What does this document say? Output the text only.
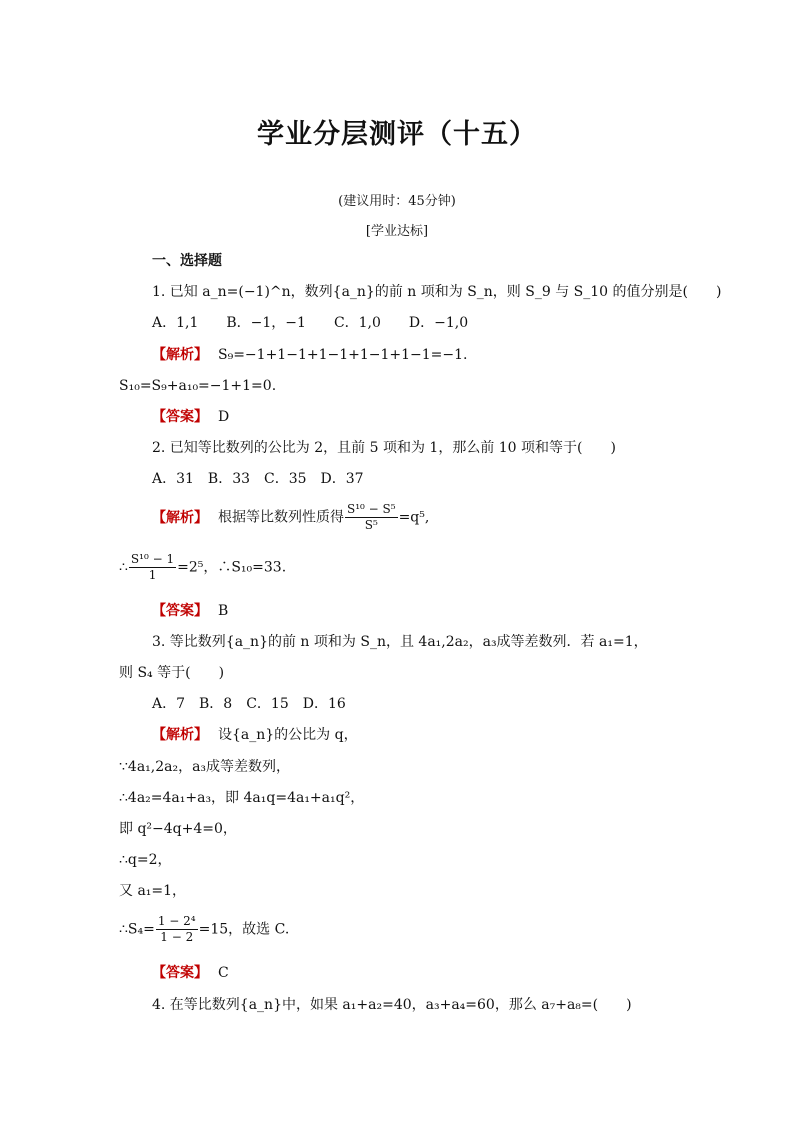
学业分层测评（十五）
(建议用时：45分钟)
[学业达标]
一、选择题
1. 已知 a_n=(−1)^n，数列{a_n}的前 n 项和为 S_n，则 S_9 与 S_10 的值分别是(　　)
A．1,1　　B．−1，−1　　C．1,0　　D．−1,0
【解析】 S₉=−1+1−1+1−1+1−1+1−1=−1.
S₁₀=S₉+a₁₀=−1+1=0.
【答案】 D
2. 已知等比数列的公比为 2，且前 5 项和为 1，那么前 10 项和等于(　　)
A．31　B．33　C．35　D．37
【解析】 根据等比数列性质得 $\frac{\text{S¹⁰ − S⁵}}{\text{S⁵}} =q^5$,
∴ $\frac{\text{S¹⁰ − 1}}{1} =2^5$，∴S₁₀=33.
【答案】 B
3. 等比数列{a_n}的前 n 项和为 S_n，且 4a₁,2a₂，a₃成等差数列．若 a₁=1，
则 S₄ 等于(　　)
A．7　B．8　C．15　D．16
【解析】 设{a_n}的公比为 q，
∵4a₁,2a₂，a₃成等差数列，
∴4a₂=4a₁+a₃，即 4a₁q=4a₁+a₁q²，
即 q²−4q+4=0，
∴q=2，
又 a₁=1，
∴S₄= $\frac{\text{1 − 2⁴}}{1 - 2} =15$，故选 C.
【答案】 C
4. 在等比数列{a_n}中，如果 a₁+a₂=40，a₃+a₄=60，那么 a₇+a₈=(　　)
